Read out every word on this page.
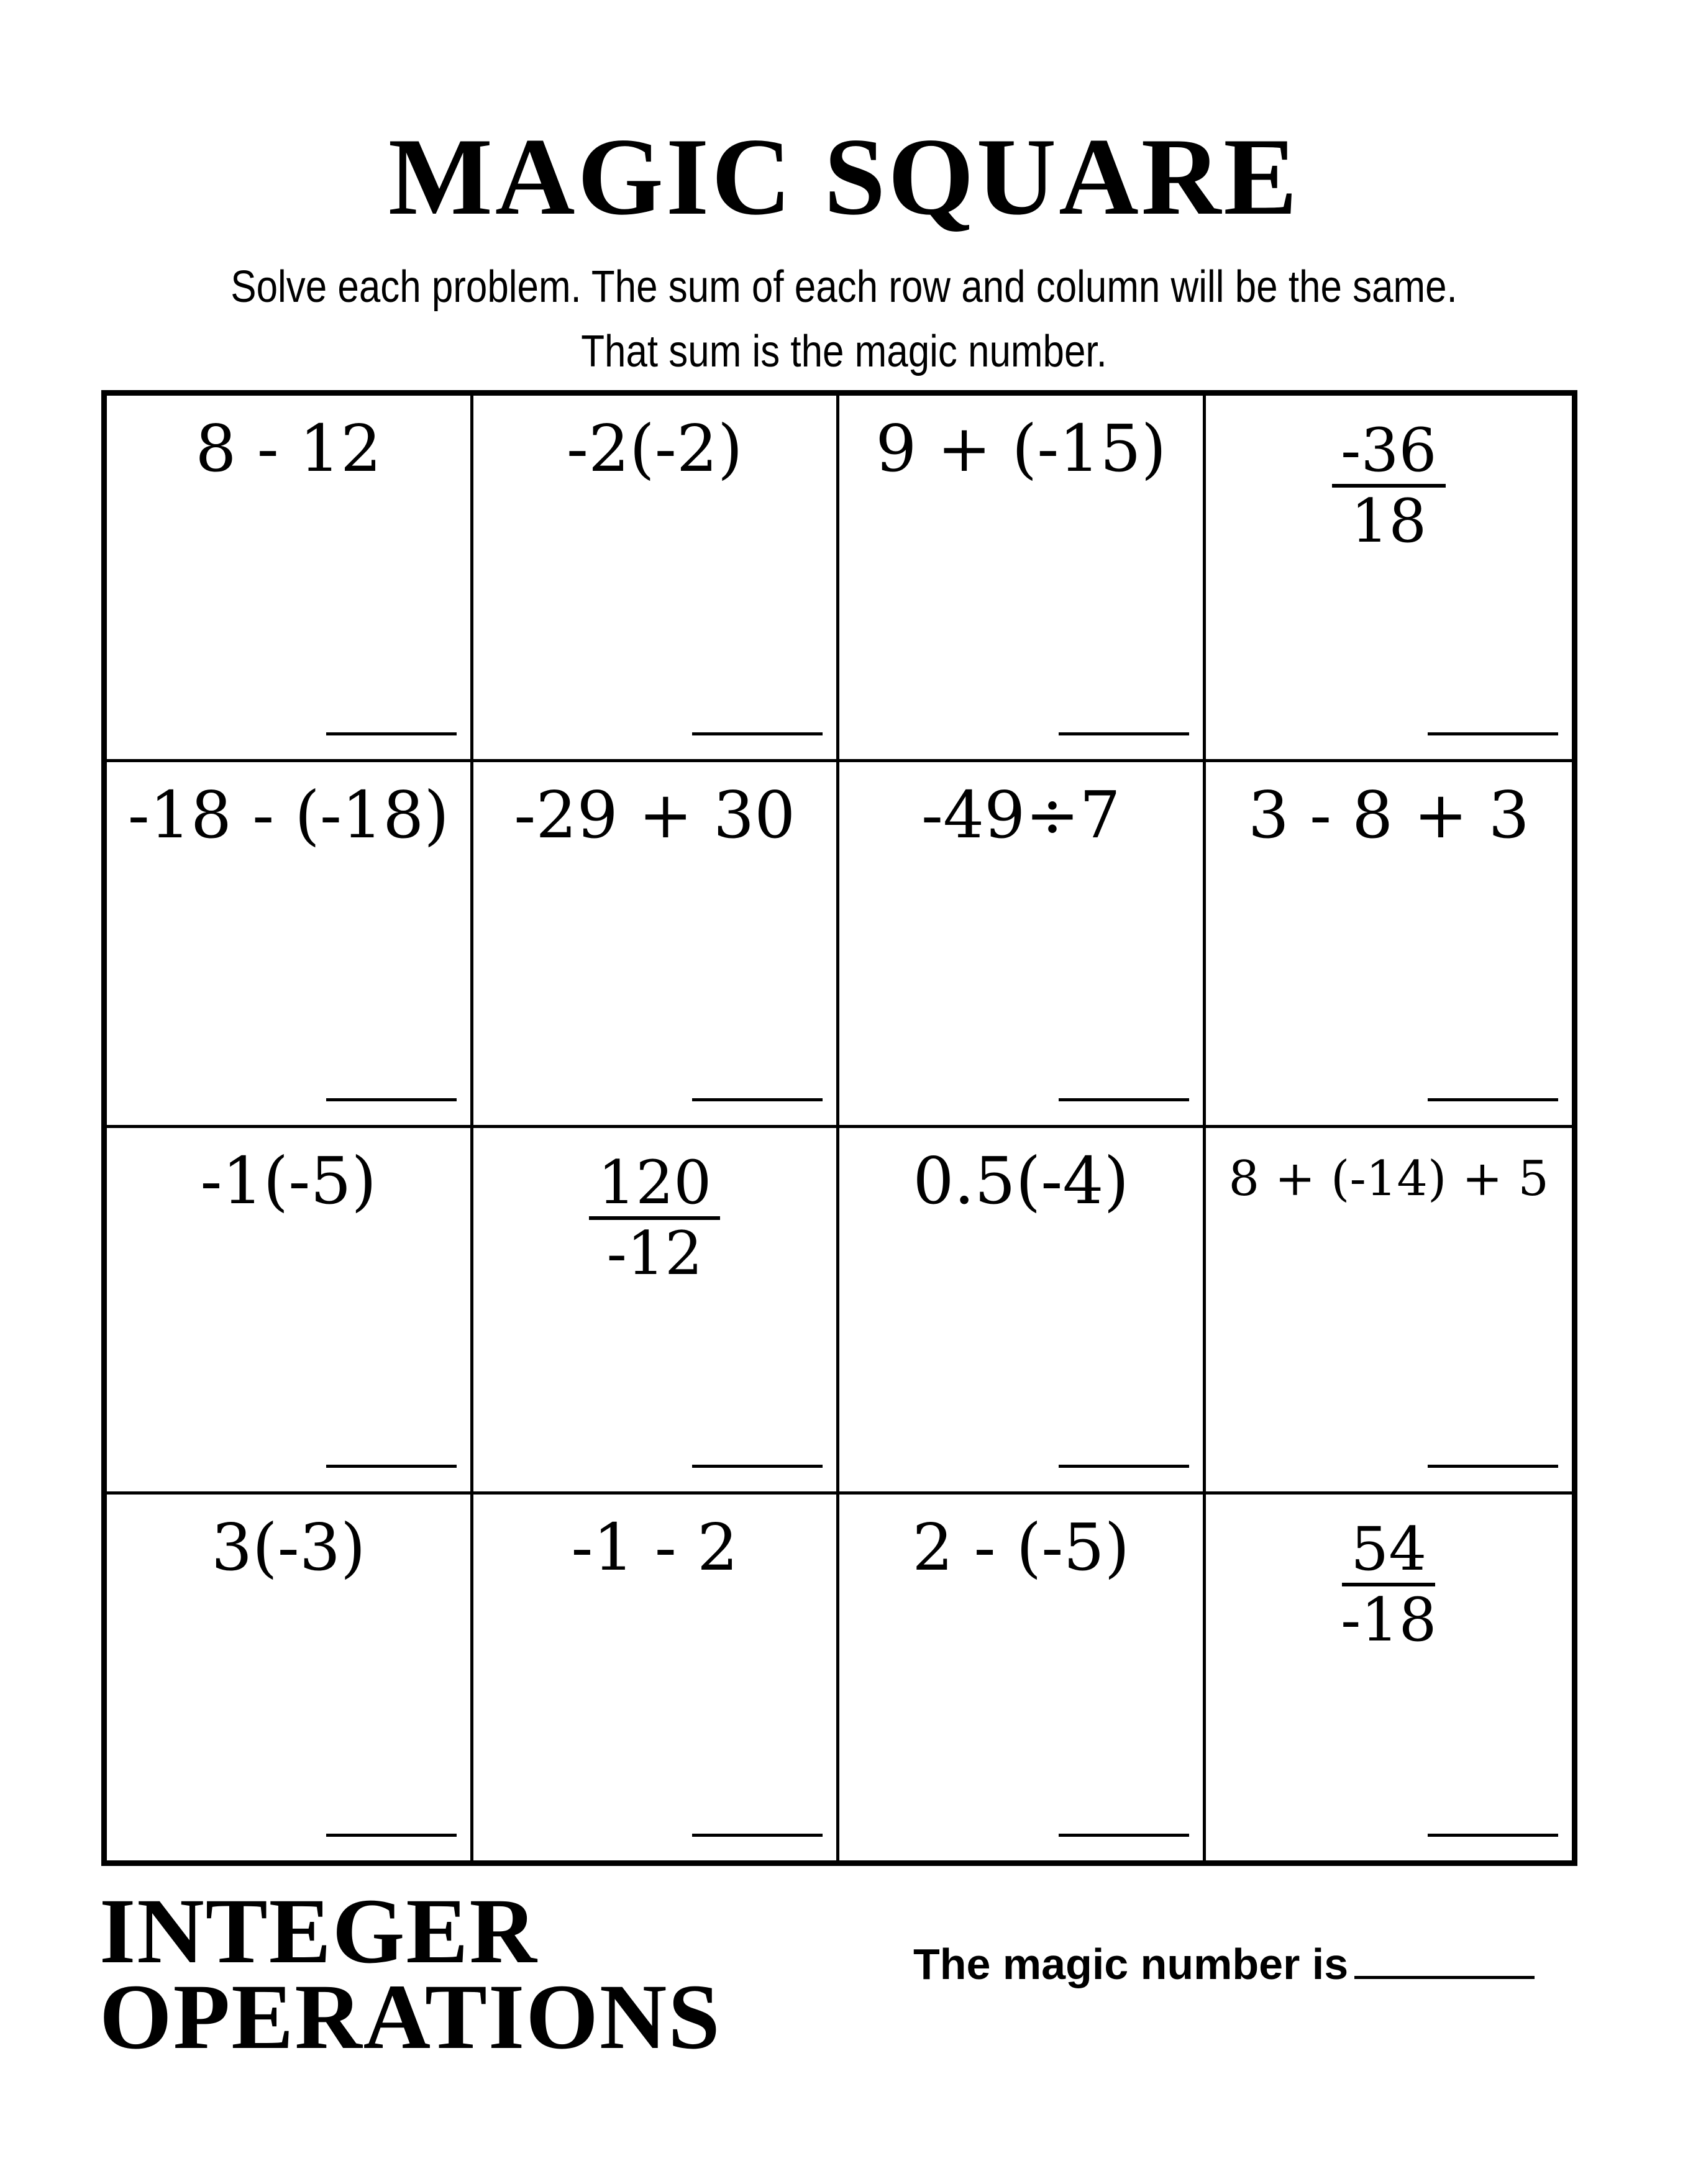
MAGIC SQUARE
Solve each problem. The sum of each row and column will be the same.
That sum is the magic number.
8 - 12	-2(-2)	9 + (-15)	$\frac{-36}{18}$
-18 - (-18)	-29 + 30	-49÷7	3 - 8 + 3
-1(-5)	$\frac{120}{-12}$	0.5(-4)	8 + (-14) + 5
3(-3)	-1 - 2	2 - (-5)	$\frac{54}{-18}$
INTEGER
OPERATIONS
The magic number is
